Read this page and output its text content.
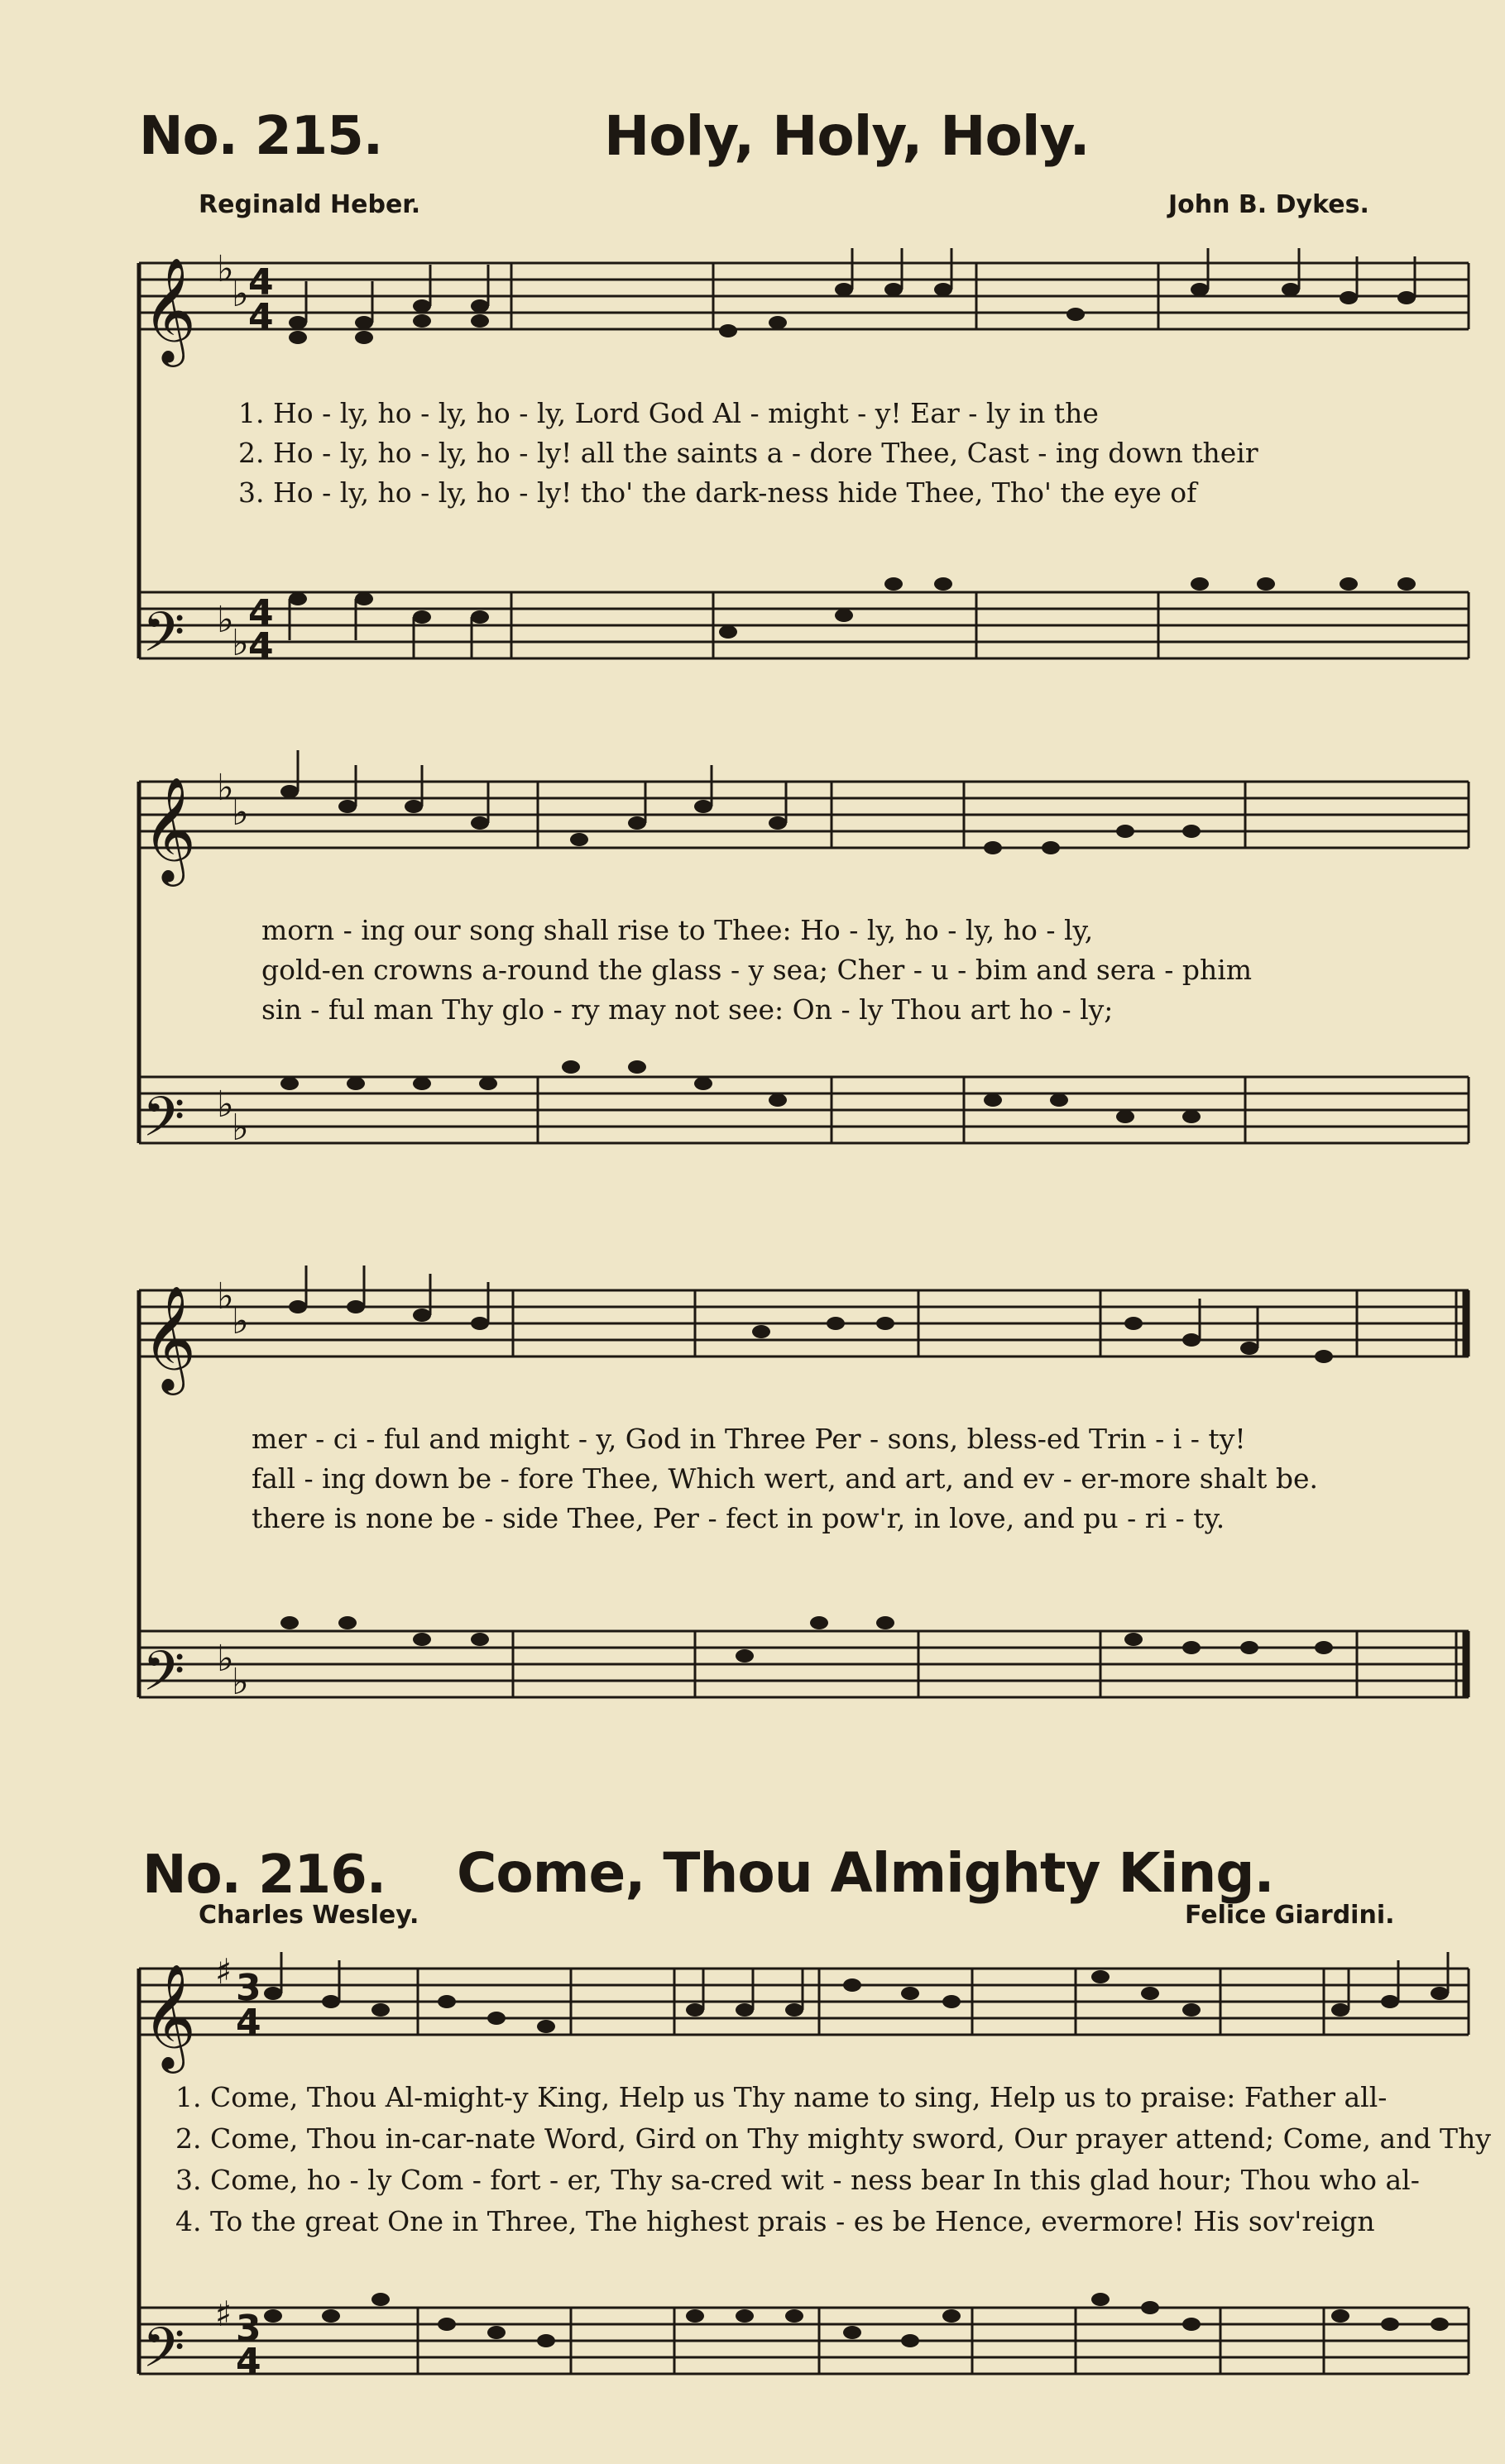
No. 215.	Holy, Holy, Holy.
Reginald Heber.	John B. Dykes.
𝄞
𝄢
𝄞
𝄢
𝄞
𝄢
𝄞
𝄢
♭
♭
♭
♭
♭
♭
♭
♭
♭
♭
♭
♭
♯
♯
4
4
4
4
3
4
3
4
1. Ho - ly, ho - ly, ho - ly, Lord God Al - might - y! Ear - ly in the
2. Ho - ly, ho - ly, ho - ly! all the saints a - dore Thee, Cast - ing down their
3. Ho - ly, ho - ly, ho - ly! tho' the dark-ness hide Thee, Tho' the eye of
morn - ing our song shall rise to Thee: Ho - ly, ho - ly, ho - ly,
gold-en crowns a-round the glass - y sea; Cher - u - bim and sera - phim
sin - ful man Thy glo - ry may not see: On - ly Thou art ho - ly;
mer - ci - ful and might - y, God in Three Per - sons, bless-ed Trin - i - ty!
fall - ing down be - fore Thee, Which wert, and art, and ev - er-more shalt be.
there is none be - side Thee, Per - fect in pow'r, in love, and pu - ri - ty.
No. 216. Come, Thou Almighty King.
Charles Wesley.	Felice Giardini.
1. Come, Thou Al-might-y King, Help us Thy name to sing, Help us to praise: Father all-
2. Come, Thou in-car-nate Word, Gird on Thy mighty sword, Our prayer attend; Come, and Thy
3. Come, ho - ly Com - fort - er, Thy sa-cred wit - ness bear In this glad hour; Thou who al-
4. To the great One in Three, The highest prais - es be Hence, evermore! His sov'reign
